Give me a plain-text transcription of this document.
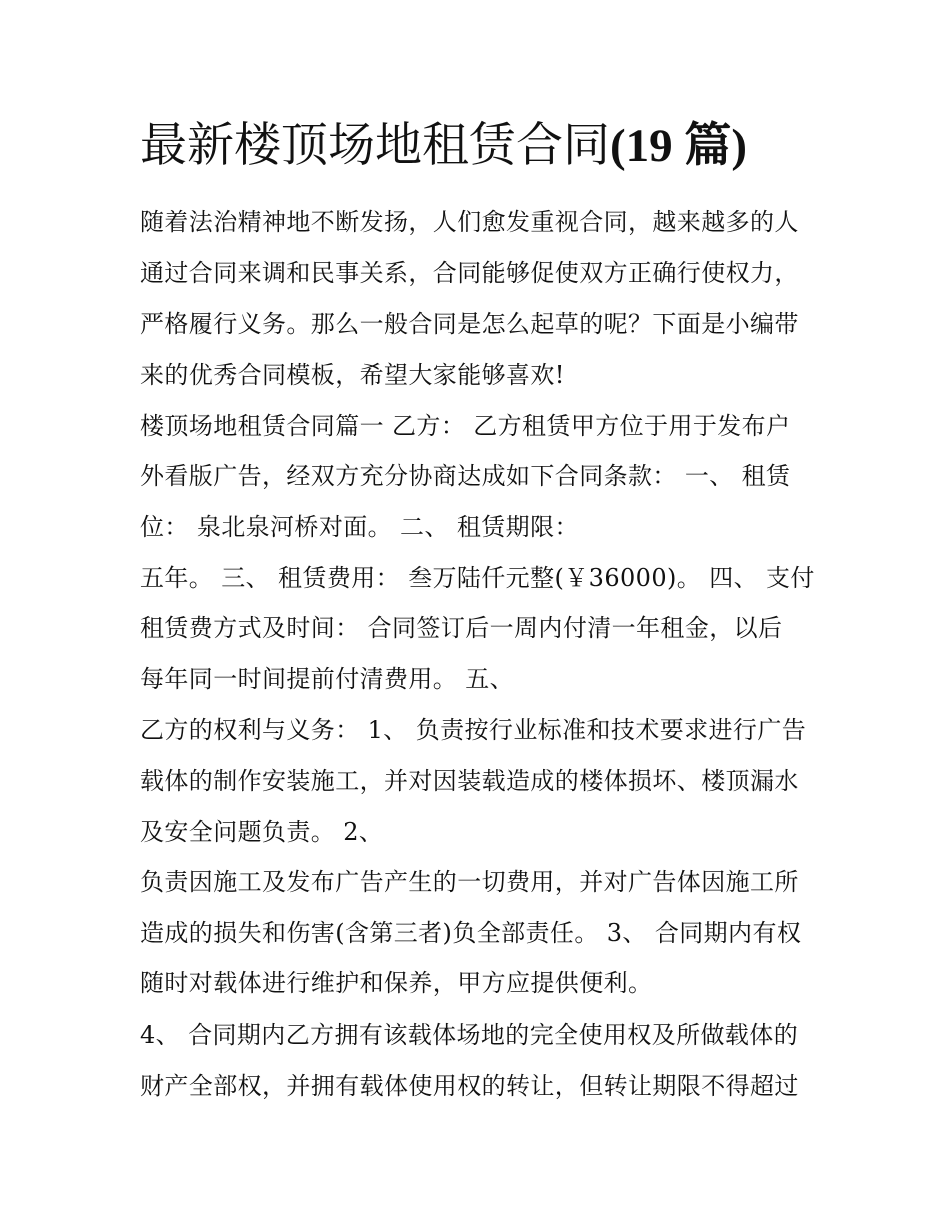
最新楼顶场地租赁合同(19 篇)
随着法治精神地不断发扬，人们愈发重视合同，越来越多的人
通过合同来调和民事关系，合同能够促使双方正确行使权力，
严格履行义务。那么一般合同是怎么起草的呢？下面是小编带
来的优秀合同模板，希望大家能够喜欢!
楼顶场地租赁合同篇一 乙方： 乙方租赁甲方位于用于发布户
外看版广告，经双方充分协商达成如下合同条款： 一、 租赁
位： 泉北泉河桥对面。 二、 租赁期限：
五年。 三、 租赁费用： 叁万陆仟元整(￥36000)。 四、 支付
租赁费方式及时间： 合同签订后一周内付清一年租金，以后
每年同一时间提前付清费用。 五、
乙方的权利与义务： 1、 负责按行业标准和技术要求进行广告
载体的制作安装施工，并对因装载造成的楼体损坏、楼顶漏水
及安全问题负责。 2、
负责因施工及发布广告产生的一切费用，并对广告体因施工所
造成的损失和伤害(含第三者)负全部责任。 3、 合同期内有权
随时对载体进行维护和保养，甲方应提供便利。
4、 合同期内乙方拥有该载体场地的完全使用权及所做载体的
财产全部权，并拥有载体使用权的转让，但转让期限不得超过
